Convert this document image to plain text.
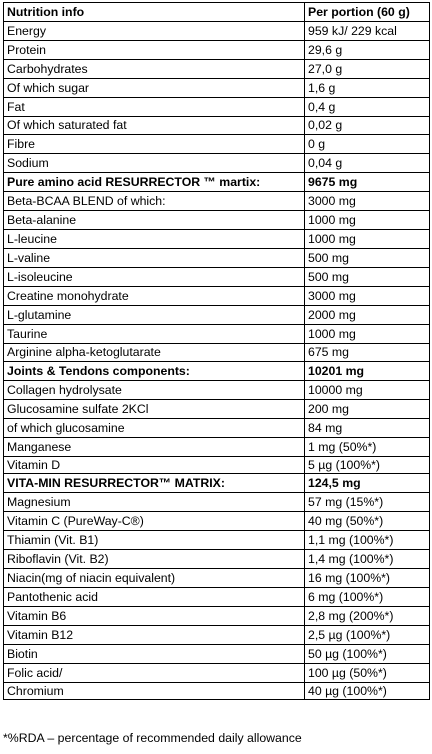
Nutrition info	Per portion (60 g)
Energy	959 kJ/ 229 kcal
Protein	29,6 g
Carbohydrates	27,0 g
Of which sugar	1,6 g
Fat	0,4 g
Of which saturated fat	0,02 g
Fibre	0 g
Sodium	0,04 g
Pure amino acid RESURRECTOR ™ martix:	9675 mg
Beta-BCAA BLEND of which:	3000 mg
Beta-alanine	1000 mg
L-leucine	1000 mg
L-valine	500 mg
L-isoleucine	500 mg
Creatine monohydrate	3000 mg
L-glutamine	2000 mg
Taurine	1000 mg
Arginine alpha-ketoglutarate	675 mg
Joints & Tendons components:	10201 mg
Collagen hydrolysate	10000 mg
Glucosamine sulfate 2KCl	200 mg
of which glucosamine	84 mg
Manganese	1 mg (50%*)
Vitamin D	5 µg (100%*)
VITA-MIN RESURRECTOR™ MATRIX:	124,5 mg
Magnesium	57 mg (15%*)
Vitamin C (PureWay-C®)	40 mg (50%*)
Thiamin (Vit. B1)	1,1 mg (100%*)
Riboflavin (Vit. B2)	1,4 mg (100%*)
Niacin(mg of niacin equivalent)	16 mg (100%*)
Pantothenic acid	6 mg (100%*)
Vitamin B6	2,8 mg (200%*)
Vitamin B12	2,5 µg (100%*)
Biotin	50 µg (100%*)
Folic acid/	100 µg (50%*)
Chromium	40 µg (100%*)
*%RDA – percentage of recommended daily allowance
